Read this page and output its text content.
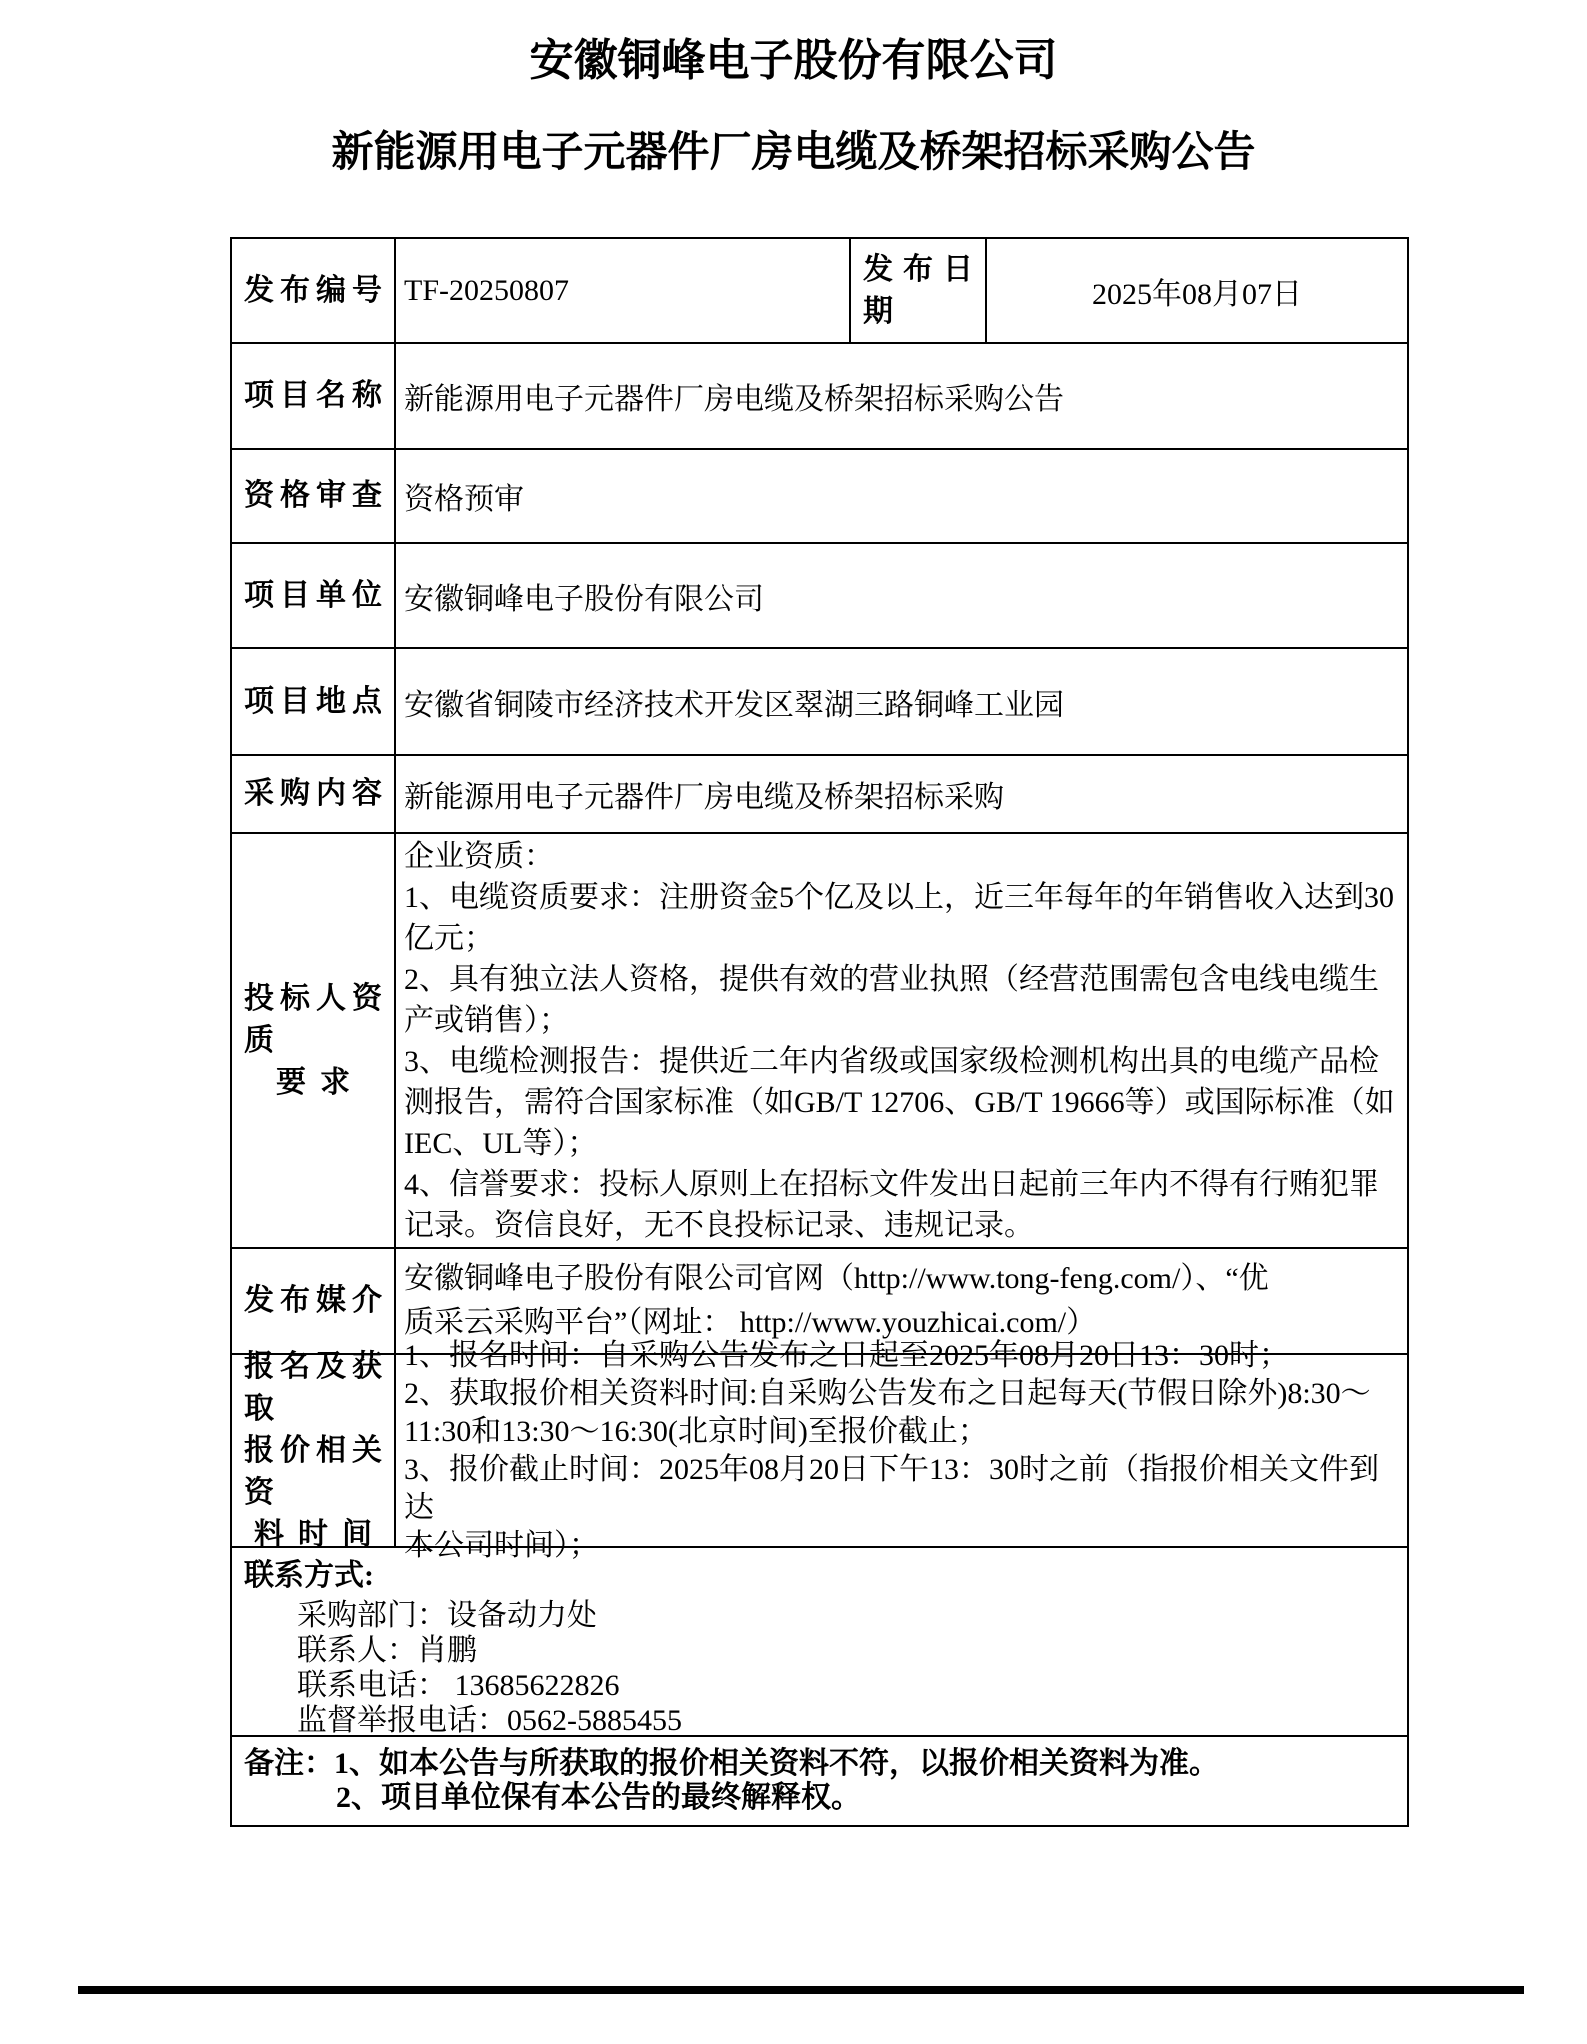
安徽铜峰电子股份有限公司
新能源用电子元器件厂房电缆及桥架招标采购公告
发布编号 TF-20250807
发布日期
2025年08月07日
项目名称 新能源用电子元器件厂房电缆及桥架招标采购公告
资格审查 资格预审
项目单位 安徽铜峰电子股份有限公司
项目地点 安徽省铜陵市经济技术开发区翠湖三路铜峰工业园
采购内容 新能源用电子元器件厂房电缆及桥架招标采购
投标人资质
要求
企业资质：
1、电缆资质要求：注册资金5个亿及以上，近三年每年的年销售收入达到30
亿元；
2、具有独立法人资格，提供有效的营业执照（经营范围需包含电线电缆生
产或销售）；
3、电缆检测报告：提供近二年内省级或国家级检测机构出具的电缆产品检
测报告，需符合国家标准（如GB/T 12706、GB/T 19666等）或国际标准（如
IEC、UL等）；
4、信誉要求：投标人原则上在招标文件发出日起前三年内不得有行贿犯罪
记录。资信良好，无不良投标记录、违规记录。
发布媒介
安徽铜峰电子股份有限公司官网（http://www.tong-feng.com/）、“优
质采云采购平台”（网址： http://www.youzhicai.com/）
报名及获取
报价相关资
料时间
1、报名时间：自采购公告发布之日起至2025年08月20日13：30时；
2、获取报价相关资料时间:自采购公告发布之日起每天(节假日除外)8:30～
11:30和13:30～16:30(北京时间)至报价截止；
3、报价截止时间：2025年08月20日下午13：30时之前（指报价相关文件到达
本公司时间）；
联系方式:
采购部门：设备动力处
联系人：肖鹏
联系电话： 13685622826
监督举报电话：0562-5885455
备注：1、如本公告与所获取的报价相关资料不符，以报价相关资料为准。
2、项目单位保有本公告的最终解释权。
